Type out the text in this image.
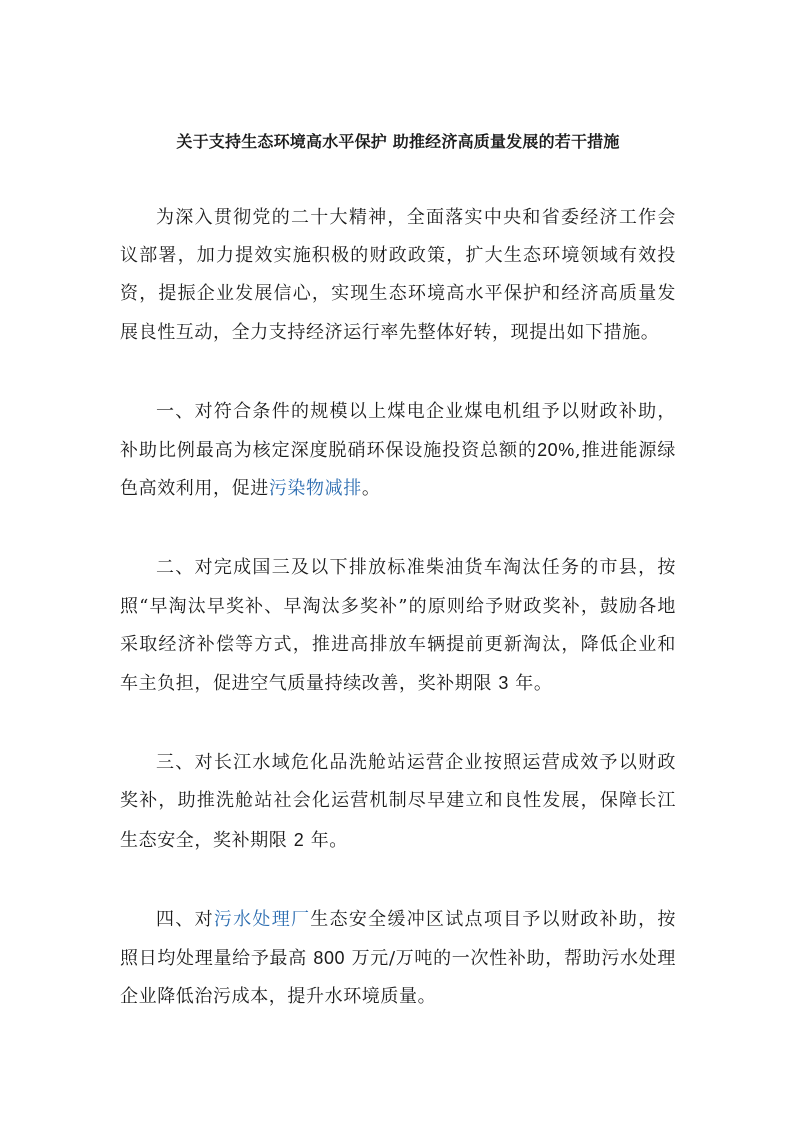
关于支持生态环境高水平保护 助推经济高质量发展的若干措施

为深入贯彻党的二十大精神，全面落实中央和省委经济工作会议部署，加力提效实施积极的财政政策，扩大生态环境领域有效投资，提振企业发展信心，实现生态环境高水平保护和经济高质量发展良性互动，全力支持经济运行率先整体好转，现提出如下措施。

一、对符合条件的规模以上煤电企业煤电机组予以财政补助，补助比例最高为核定深度脱硝环保设施投资总额的20%,推进能源绿色高效利用，促进污染物减排。

二、对完成国三及以下排放标准柴油货车淘汰任务的市县，按照“早淘汰早奖补、早淘汰多奖补”的原则给予财政奖补，鼓励各地采取经济补偿等方式，推进高排放车辆提前更新淘汰，降低企业和车主负担，促进空气质量持续改善，奖补期限 3 年。

三、对长江水域危化品洗舱站运营企业按照运营成效予以财政奖补，助推洗舱站社会化运营机制尽早建立和良性发展，保障长江生态安全，奖补期限 2 年。

四、对污水处理厂生态安全缓冲区试点项目予以财政补助，按照日均处理量给予最高 800 万元/万吨的一次性补助，帮助污水处理企业降低治污成本，提升水环境质量。
